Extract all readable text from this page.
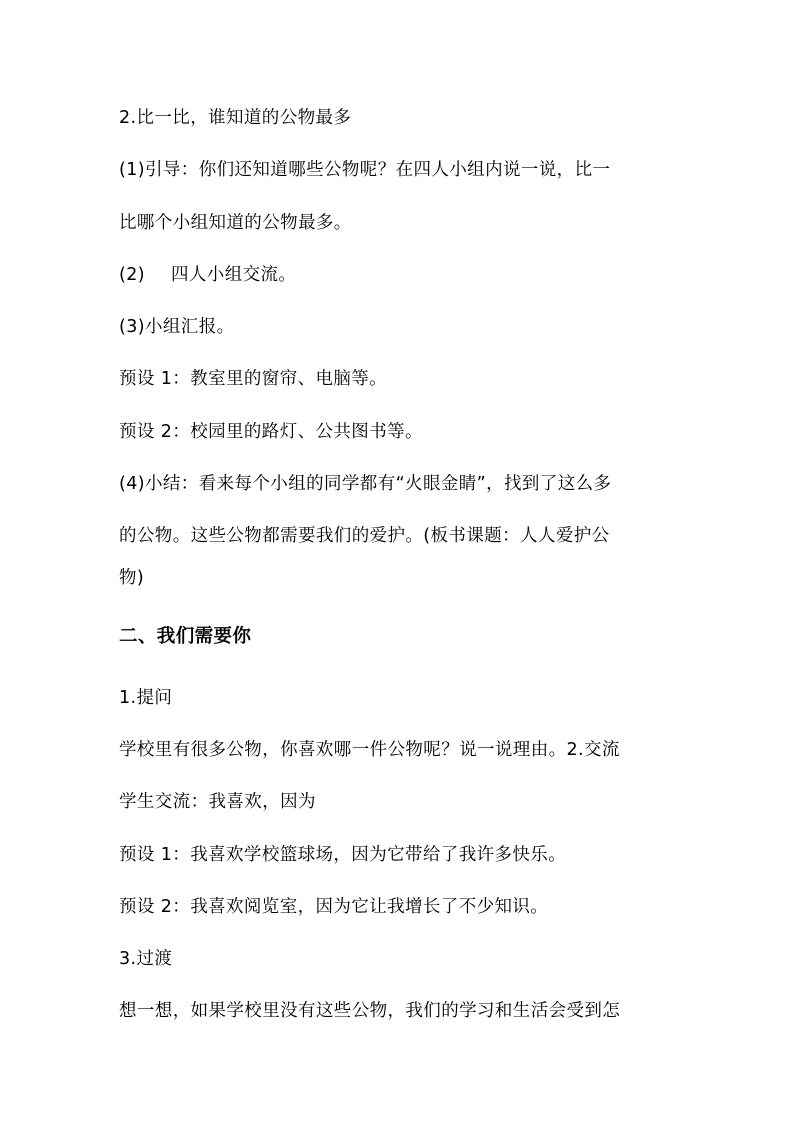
2.比一比，谁知道的公物最多
(1)引导：你们还知道哪些公物呢？在四人小组内说一说，比一
比哪个小组知道的公物最多。
(2) 四人小组交流。
(3)小组汇报。
预设 1：教室里的窗帘、电脑等。
预设 2：校园里的路灯、公共图书等。
(4)小结：看来每个小组的同学都有“火眼金睛”，找到了这么多
的公物。这些公物都需要我们的爱护。(板书课题：人人爱护公
物)
二、我们需要你
1.提问
学校里有很多公物，你喜欢哪一件公物呢？说一说理由。2.交流
学生交流：我喜欢，因为
预设 1：我喜欢学校篮球场，因为它带给了我许多快乐。
预设 2：我喜欢阅览室，因为它让我增长了不少知识。
3.过渡
想一想，如果学校里没有这些公物，我们的学习和生活会受到怎
